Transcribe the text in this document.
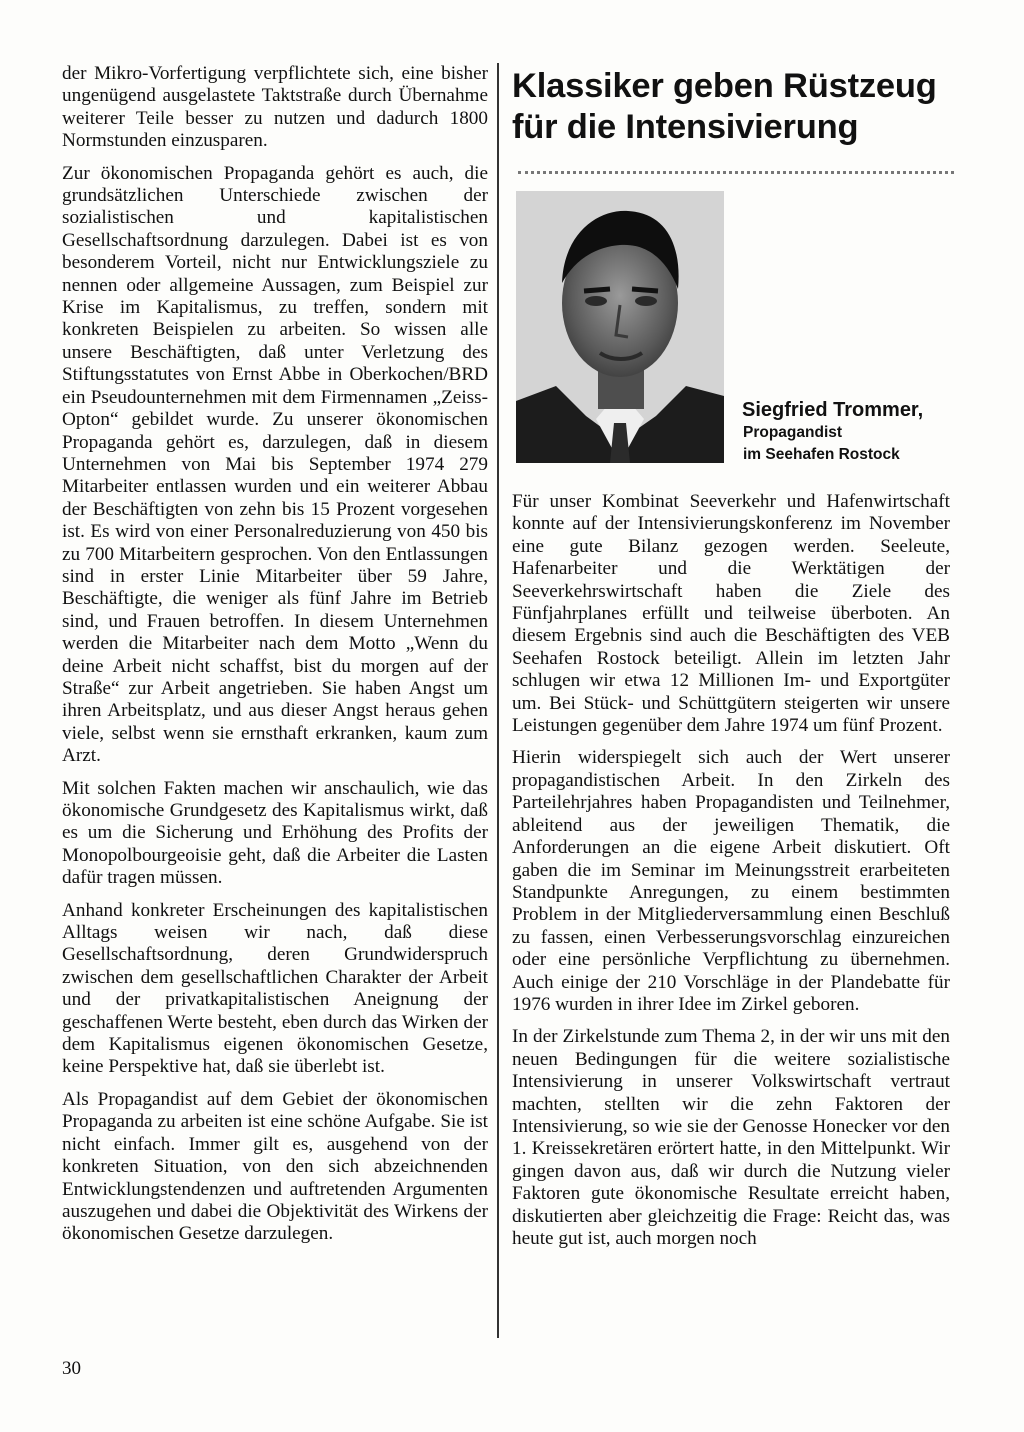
der Mikro-Vorfertigung verpflichtete sich, eine bisher ungenügend ausgelastete Taktstraße durch Übernahme weiterer Teile besser zu nutzen und dadurch 1800 Normstunden einzusparen.

Zur ökonomischen Propaganda gehört es auch, die grundsätzlichen Unterschiede zwischen der sozialistischen und kapitalistischen Gesellschaftsordnung darzulegen. Dabei ist es von besonderem Vorteil, nicht nur Entwicklungsziele zu nennen oder allgemeine Aussagen, zum Beispiel zur Krise im Kapitalismus, zu treffen, sondern mit konkreten Beispielen zu arbeiten. So wissen alle unsere Beschäftigten, daß unter Verletzung des Stiftungsstatutes von Ernst Abbe in Oberkochen/BRD ein Pseudounternehmen mit dem Firmennamen „Zeiss-Opton“ gebildet wurde. Zu unserer ökonomischen Propaganda gehört es, darzulegen, daß in diesem Unternehmen von Mai bis September 1974 279 Mitarbeiter entlassen wurden und ein weiterer Abbau der Beschäftigten von zehn bis 15 Prozent vorgesehen ist. Es wird von einer Personalreduzierung von 450 bis zu 700 Mitarbeitern gesprochen. Von den Entlassungen sind in erster Linie Mitarbeiter über 59 Jahre, Beschäftigte, die weniger als fünf Jahre im Betrieb sind, und Frauen betroffen. In diesem Unternehmen werden die Mitarbeiter nach dem Motto „Wenn du deine Arbeit nicht schaffst, bist du morgen auf der Straße“ zur Arbeit angetrieben. Sie haben Angst um ihren Arbeitsplatz, und aus dieser Angst heraus gehen viele, selbst wenn sie ernsthaft erkranken, kaum zum Arzt.

Mit solchen Fakten machen wir anschaulich, wie das ökonomische Grundgesetz des Kapitalismus wirkt, daß es um die Sicherung und Erhöhung des Profits der Monopolbourgeoisie geht, daß die Arbeiter die Lasten dafür tragen müssen.

Anhand konkreter Erscheinungen des kapitalistischen Alltags weisen wir nach, daß diese Gesellschaftsordnung, deren Grundwiderspruch zwischen dem gesellschaftlichen Charakter der Arbeit und der privatkapitalistischen Aneignung der geschaffenen Werte besteht, eben durch das Wirken der dem Kapitalismus eigenen ökonomischen Gesetze, keine Perspektive hat, daß sie überlebt ist.

Als Propagandist auf dem Gebiet der ökonomischen Propaganda zu arbeiten ist eine schöne Aufgabe. Sie ist nicht einfach. Immer gilt es, ausgehend von der konkreten Situation, von den sich abzeichnenden Entwicklungstendenzen und auftretenden Argumenten auszugehen und dabei die Objektivität des Wirkens der ökonomischen Gesetze darzulegen.

Klassiker geben Rüstzeug
für die Intensivierung
Siegfried Trommer,
Propagandist
im Seehafen Rostock

Für unser Kombinat Seeverkehr und Hafenwirtschaft konnte auf der Intensivierungskonferenz im November eine gute Bilanz gezogen werden. Seeleute, Hafenarbeiter und die Werktätigen der Seeverkehrswirtschaft haben die Ziele des Fünfjahrplanes erfüllt und teilweise überboten. An diesem Ergebnis sind auch die Beschäftigten des VEB Seehafen Rostock beteiligt. Allein im letzten Jahr schlugen wir etwa 12 Millionen Im- und Exportgüter um. Bei Stück- und Schüttgütern steigerten wir unsere Leistungen gegenüber dem Jahre 1974 um fünf Prozent.

Hierin widerspiegelt sich auch der Wert unserer propagandistischen Arbeit. In den Zirkeln des Parteilehrjahres haben Propagandisten und Teilnehmer, ableitend aus der jeweiligen Thematik, die Anforderungen an die eigene Arbeit diskutiert. Oft gaben die im Seminar im Meinungsstreit erarbeiteten Standpunkte Anregungen, zu einem bestimmten Problem in der Mitgliederversammlung einen Beschluß zu fassen, einen Verbesserungsvorschlag einzureichen oder eine persönliche Verpflichtung zu übernehmen. Auch einige der 210 Vorschläge in der Plandebatte für 1976 wurden in ihrer Idee im Zirkel geboren.

In der Zirkelstunde zum Thema 2, in der wir uns mit den neuen Bedingungen für die weitere sozialistische Intensivierung in unserer Volkswirtschaft vertraut machten, stellten wir die zehn Faktoren der Intensivierung, so wie sie der Genosse Honecker vor den 1. Kreissekretären erörtert hatte, in den Mittelpunkt. Wir gingen davon aus, daß wir durch die Nutzung vieler Faktoren gute ökonomische Resultate erreicht haben, diskutierten aber gleichzeitig die Frage: Reicht das, was heute gut ist, auch morgen noch

30
